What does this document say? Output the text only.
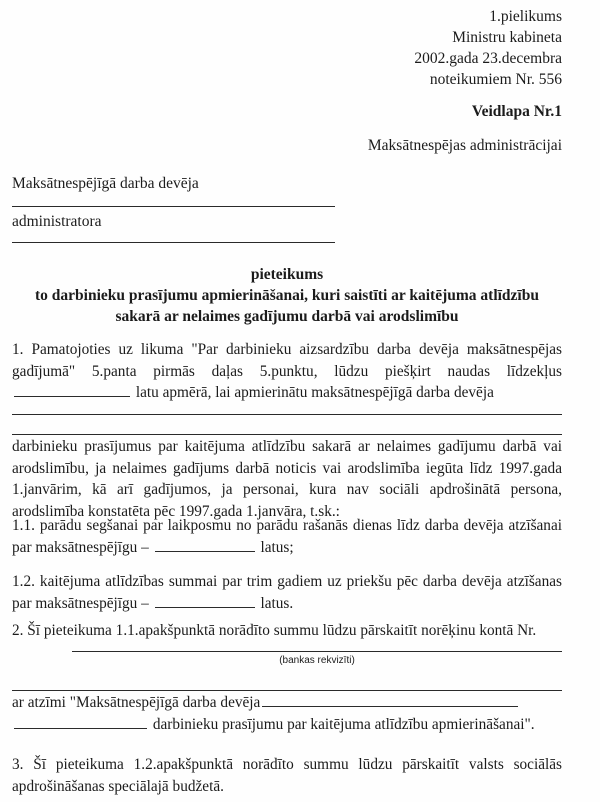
1.pielikums
Ministru kabineta
2002.gada 23.decembra
noteikumiem Nr. 556
Veidlapa Nr.1
Maksātnespējas administrācijai
Maksātnespējīgā darba devēja
administratora
pieteikums
to darbinieku prasījumu apmierināšanai, kuri saistīti ar kaitējuma atlīdzību
sakarā ar nelaimes gadījumu darbā vai arodslimību
1. Pamatojoties uz likuma "Par darbinieku aizsardzību darba devēja maksātnespējas gadījumā" 5.panta pirmās daļas 5.punktu, lūdzu piešķirt naudas līdzekļus  latu apmērā, lai apmierinātu maksātnespējīgā darba devēja
darbinieku prasījumus par kaitējuma atlīdzību sakarā ar nelaimes gadījumu darbā vai arodslimību, ja nelaimes gadījums darbā noticis vai arodslimība iegūta līdz 1997.gada 1.janvārim, kā arī gadījumos, ja personai, kura nav sociāli apdrošinātā persona, arodslimība konstatēta pēc 1997.gada 1.janvāra, t.sk.:
1.1. parādu segšanai par laikposmu no parādu rašanās dienas līdz darba devēja atzīšanai par maksātnespējīgu –	latus;
1.2. kaitējuma atlīdzības summai par trim gadiem uz priekšu pēc darba devēja atzīšanas par maksātnespējīgu –	latus.
2. Šī pieteikuma 1.1.apakšpunktā norādīto summu lūdzu pārskaitīt norēķinu kontā Nr.
(bankas rekvizīti)
ar atzīmi "Maksātnespējīgā darba devēja
darbinieku prasījumu par kaitējuma atlīdzību apmierināšanai".
3. Šī pieteikuma 1.2.apakšpunktā norādīto summu lūdzu pārskaitīt valsts sociālās apdrošināšanas speciālajā budžetā.
